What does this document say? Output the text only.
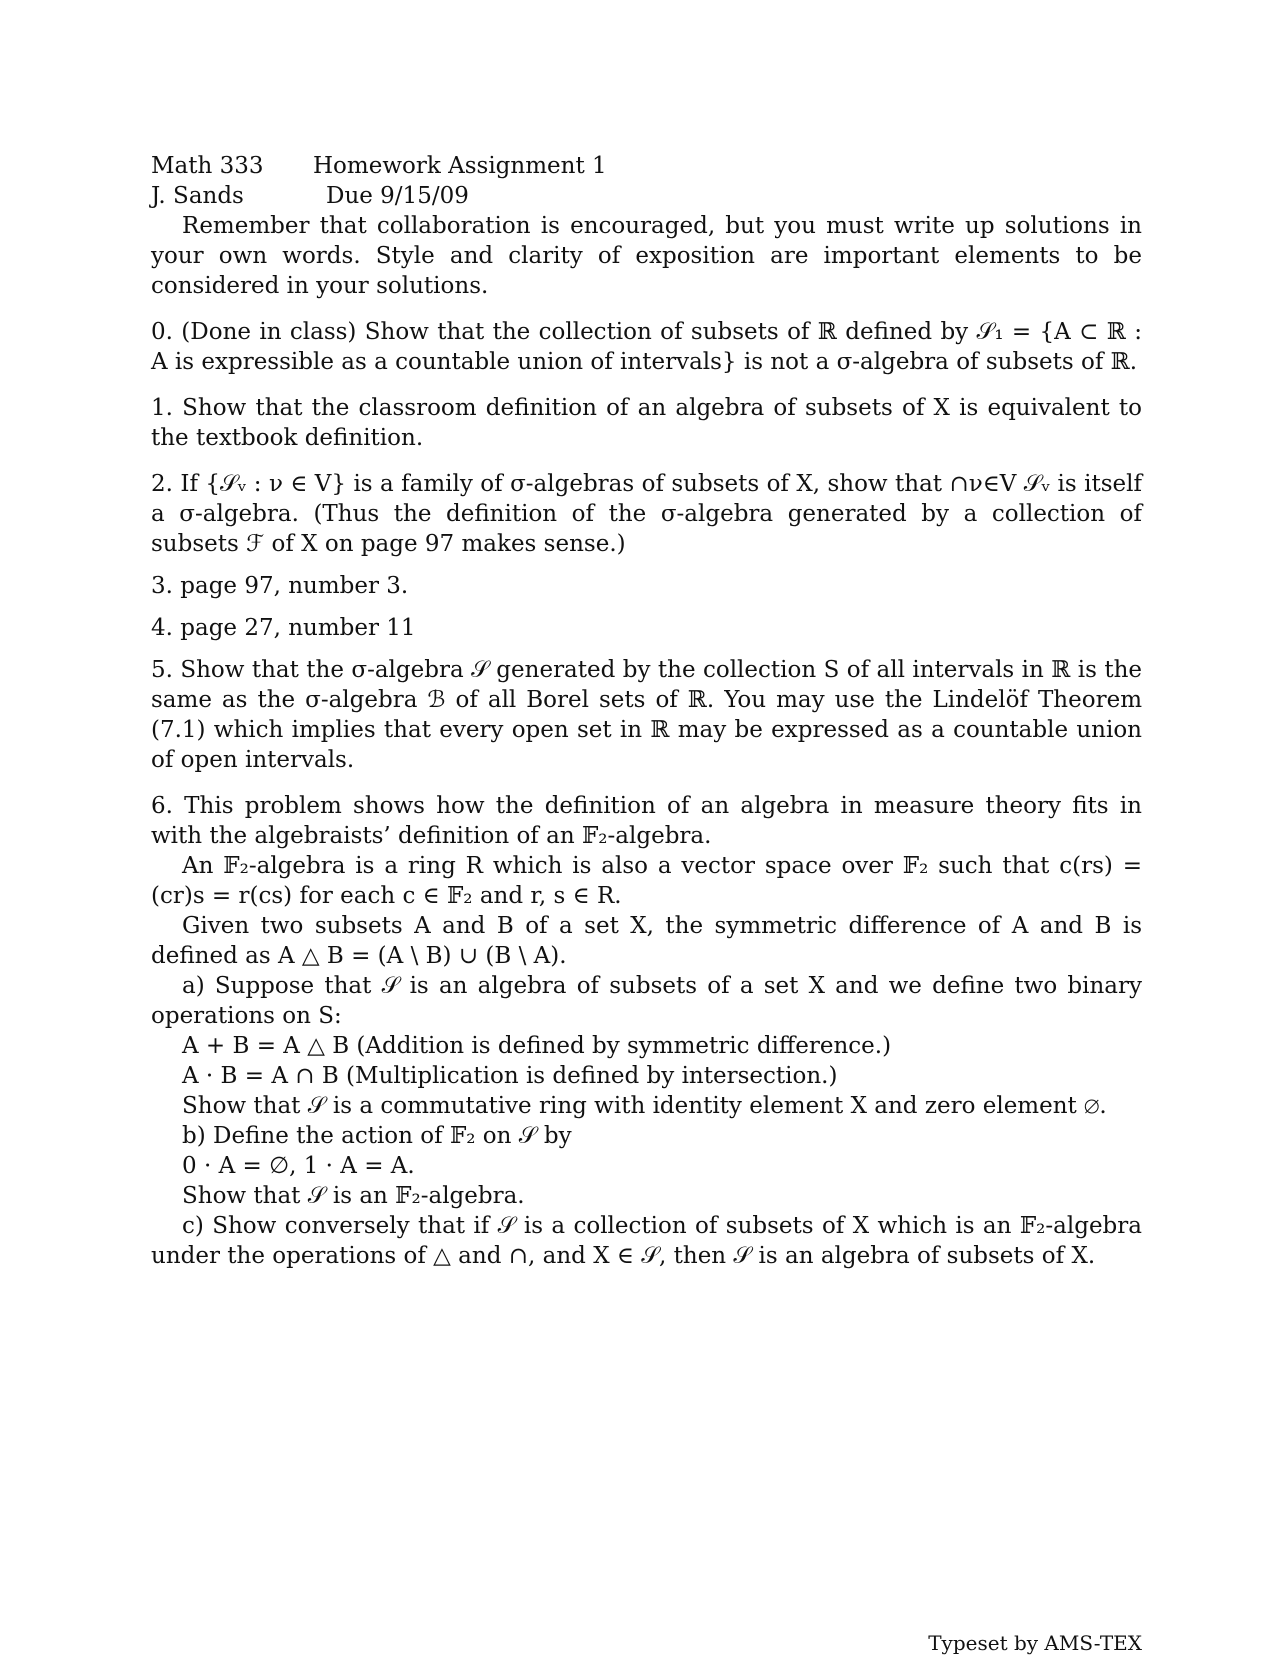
Math 333	Homework Assignment 1
J. Sands	Due 9/15/09

Remember that collaboration is encouraged, but you must write up solutions in your own words. Style and clarity of exposition are important elements to be considered in your solutions.

0. (Done in class) Show that the collection of subsets of ℝ defined by 𝒮₁ = {A ⊂ ℝ : A is expressible as a countable union of intervals} is not a σ-algebra of subsets of ℝ.

1. Show that the classroom definition of an algebra of subsets of X is equivalent to the textbook definition.

2. If {𝒮ᵥ : ν ∈ V} is a family of σ-algebras of subsets of X, show that ∩ν∈V 𝒮ᵥ is itself a σ-algebra. (Thus the definition of the σ-algebra generated by a collection of subsets ℱ of X on page 97 makes sense.)

3. page 97, number 3.

4. page 27, number 11

5. Show that the σ-algebra 𝒮 generated by the collection S of all intervals in ℝ is the same as the σ-algebra ℬ of all Borel sets of ℝ. You may use the Lindelöf Theorem (7.1) which implies that every open set in ℝ may be expressed as a countable union of open intervals.

6. This problem shows how the definition of an algebra in measure theory fits in with the algebraists’ definition of an 𝔽₂-algebra.

An 𝔽₂-algebra is a ring R which is also a vector space over 𝔽₂ such that c(rs) = (cr)s = r(cs) for each c ∈ 𝔽₂ and r, s ∈ R.

Given two subsets A and B of a set X, the symmetric difference of A and B is defined as A △ B = (A \ B) ∪ (B \ A).

a) Suppose that 𝒮 is an algebra of subsets of a set X and we define two binary operations on S:

A + B = A △ B (Addition is defined by symmetric difference.)
A · B = A ∩ B (Multiplication is defined by intersection.)
Show that 𝒮 is a commutative ring with identity element X and zero element ∅.
b) Define the action of 𝔽₂ on 𝒮 by
0 · A = ∅, 1 · A = A.
Show that 𝒮 is an 𝔽₂-algebra.

c) Show conversely that if 𝒮 is a collection of subsets of X which is an 𝔽₂-algebra under the operations of △ and ∩, and X ∈ 𝒮, then 𝒮 is an algebra of subsets of X.

Typeset by AMS-TEX
